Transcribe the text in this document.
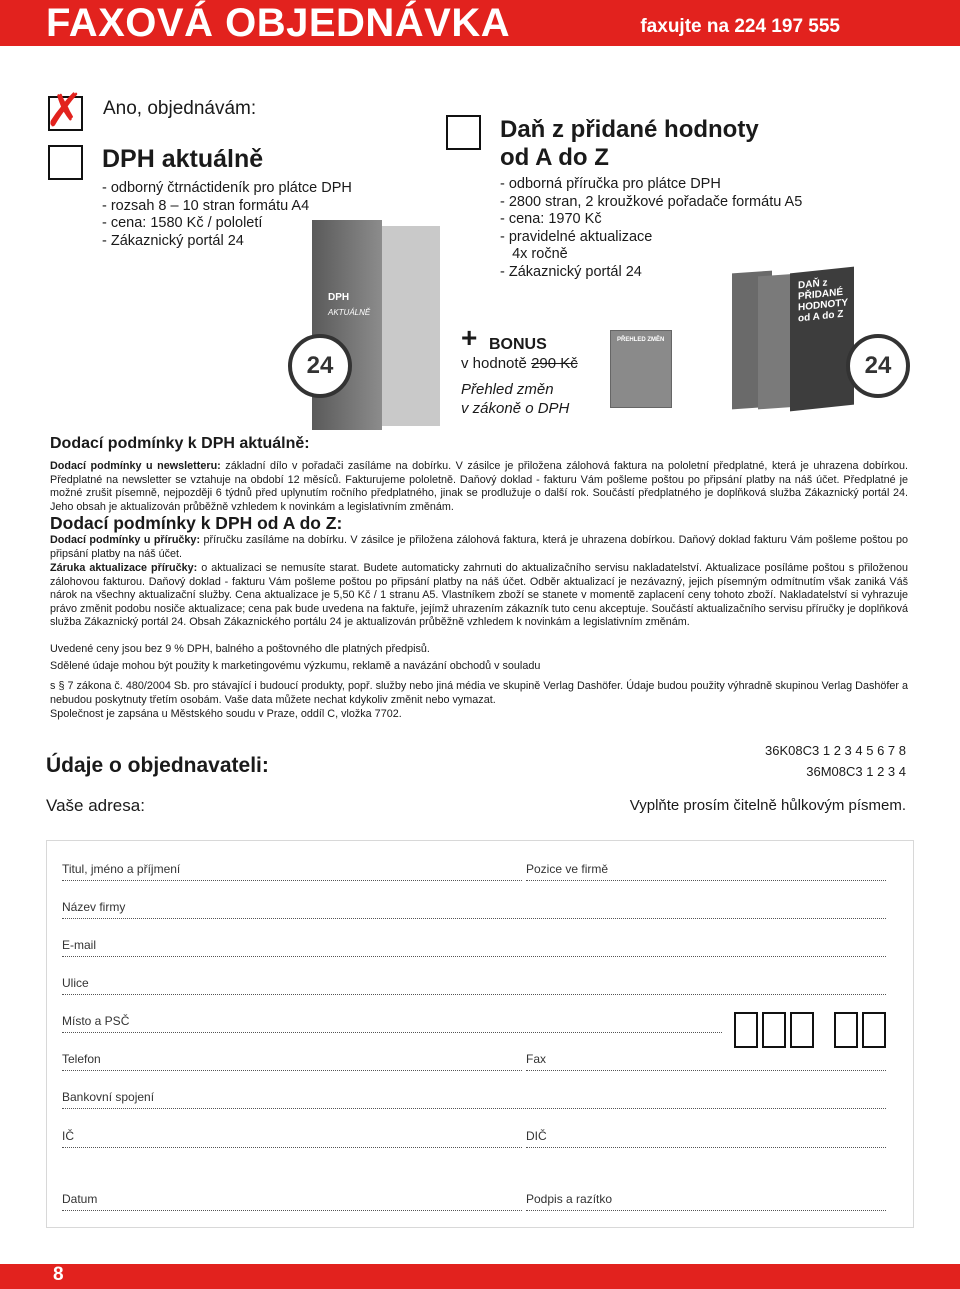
FAXOVÁ OBJEDNÁVKA	faxujte na 224 197 555
✗ Ano, objednávám:
DPH aktuálně
- odborný čtrnáctideník pro plátce DPH
- rozsah 8 – 10 stran formátu A4
- cena: 1580 Kč / pololetí
- Zákaznický portál 24
Daň z přidané hodnoty
od A do Z
- odborná příručka pro plátce DPH
- 2800 stran, 2 kroužkové pořadače formátu A5
- cena: 1970 Kč
- pravidelné aktualizace
4x ročně
- Zákaznický portál 24
DPH
AKTUÁLNĚ
24
+ BONUS
v hodnotě 290 Kč
Přehled změn
v zákoně o DPH
PŘEHLED ZMĚN
DAŇ z PŘIDANÉ HODNOTY od A do Z
24
Dodací podmínky k DPH aktuálně:
Dodací podmínky u newsletteru: základní dílo v pořadači zasíláme na dobírku. V zásilce je přiložena zálohová faktura na pololetní předplatné, která je uhrazena dobírkou. Předplatné na newsletter se vztahuje na období 12 měsíců. Fakturujeme pololetně. Daňový doklad - fakturu Vám pošleme poštou po připsání platby na náš účet. Předplatné je možné zrušit písemně, nejpozději 6 týdnů před uplynutím ročního předplatného, jinak se prodlužuje o další rok. Součástí předplatného je doplňková služba Zákaznický portál 24. Jeho obsah je aktualizován průběžně vzhledem k novinkám a legislativním změnám.
Dodací podmínky k DPH od A do Z:
Dodací podmínky u příručky: příručku zasíláme na dobírku. V zásilce je přiložena zálohová faktura, která je uhrazena dobírkou. Daňový doklad fakturu Vám pošleme poštou po připsání platby na náš účet.
Záruka aktualizace příručky: o aktualizaci se nemusíte starat. Budete automaticky zahrnuti do aktualizačního servisu nakladatelství. Aktualizace posíláme poštou s přiloženou zálohovou fakturou. Daňový doklad - fakturu Vám pošleme poštou po připsání platby na náš účet. Odběr aktualizací je nezávazný, jejich písemným odmítnutím však zaniká Váš nárok na všechny aktualizační služby. Cena aktualizace je 5,50 Kč / 1 stranu A5. Vlastníkem zboží se stanete v momentě zaplacení ceny tohoto zboží. Nakladatelství si vyhrazuje právo změnit podobu nosiče aktualizace; cena pak bude uvedena na faktuře, jejímž uhrazením zákazník tuto cenu akceptuje. Součástí aktualizačního servisu příručky je doplňková služba Zákaznický portál 24. Obsah Zákaznického portálu 24 je aktualizován průběžně vzhledem k novinkám a legislativním změnám.
Uvedené ceny jsou bez 9 % DPH, balného a poštovného dle platných předpisů.
Sdělené údaje mohou být použity k marketingovému výzkumu, reklamě a navázání obchodů v souladu
s § 7 zákona č. 480/2004 Sb. pro stávající i budoucí produkty, popř. služby nebo jiná média ve skupině Verlag Dashöfer. Údaje budou použity výhradně skupinou Verlag Dashöfer a nebudou poskytnuty třetím osobám. Vaše data můžete nechat kdykoliv změnit nebo vymazat.
Společnost je zapsána u Městského soudu v Praze, oddíl C, vložka 7702.
Údaje o objednavateli:
36K08C3 1 2 3 4 5 6 7 8
36M08C3 1 2 3 4
Vaše adresa:	Vyplňte prosím čitelně hůlkovým písmem.
Titul, jméno a příjmení	Pozice ve firmě
Název firmy
E-mail
Ulice
Místo a PSČ
Telefon	Fax
Bankovní spojení
IČ	DIČ
Datum	Podpis a razítko
8
